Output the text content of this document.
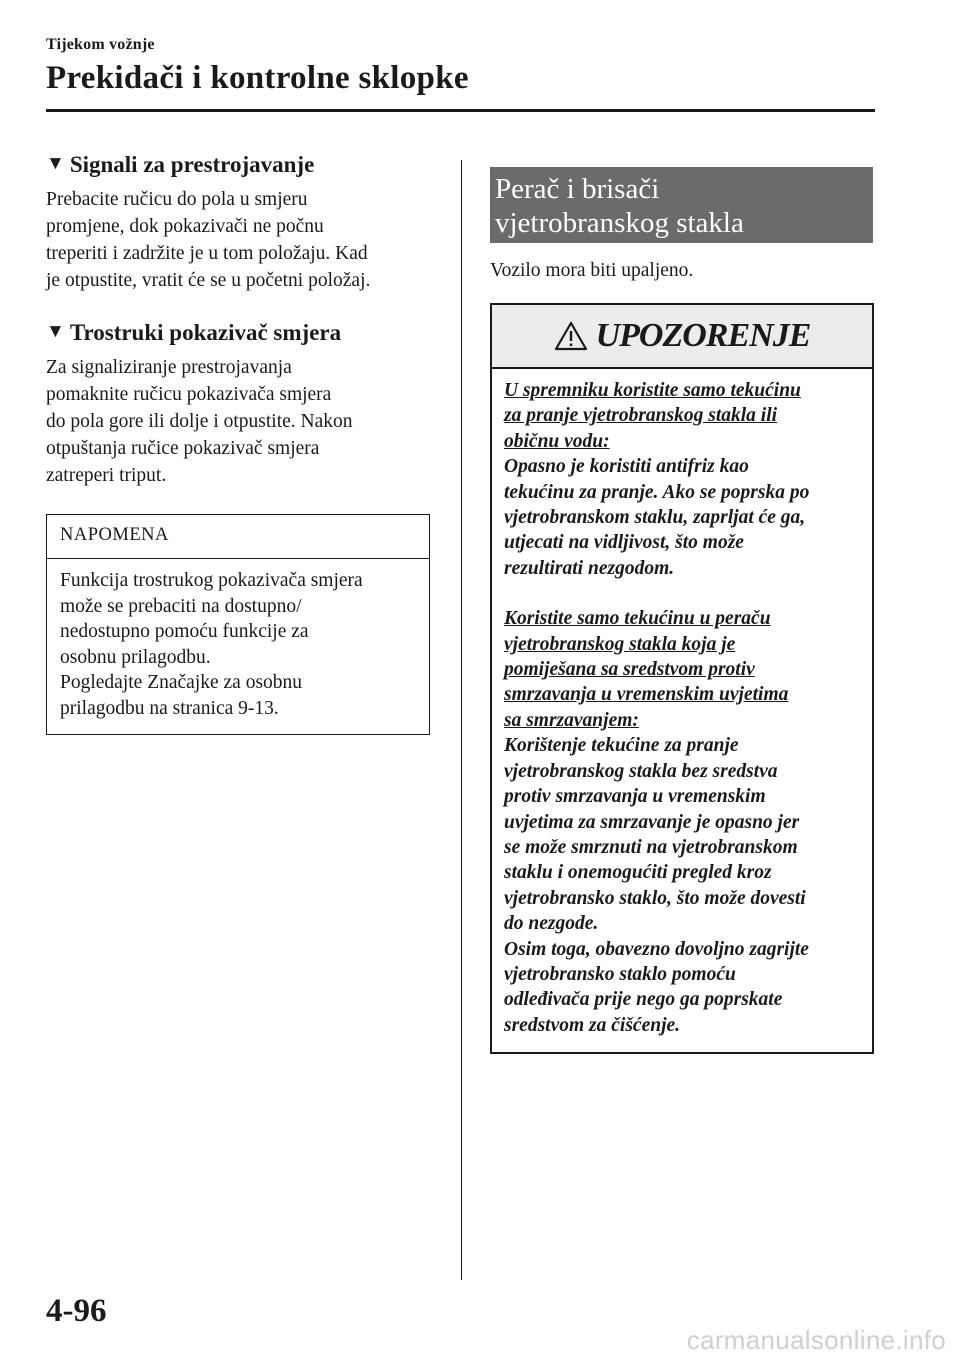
Tijekom vožnje
Prekidači i kontrolne sklopke
▼ Signali za prestrojavanje

Prebacite ručicu do pola u smjeru
promjene, dok pokazivači ne počnu
treperiti i zadržite je u tom položaju. Kad
je otpustite, vratit će se u početni položaj.

▼ Trostruki pokazivač smjera

Za signaliziranje prestrojavanja
pomaknite ručicu pokazivača smjera
do pola gore ili dolje i otpustite. Nakon
otpuštanja ručice pokazivač smjera
zatreperi triput.

NAPOMENA
Funkcija trostrukog pokazivača smjera
može se prebaciti na dostupno/
nedostupno pomoću funkcije za
osobnu prilagodbu.
Pogledajte Značajke za osobnu
prilagodbu na stranica 9-13.
Perač i brisači
vjetrobranskog stakla

Vozilo mora biti upaljeno.

UPOZORENJE

U spremniku koristite samo tekućinu
za pranje vjetrobranskog stakla ili
običnu vodu:

Opasno je koristiti antifriz kao
tekućinu za pranje. Ako se poprska po
vjetrobranskom staklu, zaprljat će ga,
utjecati na vidljivost, što može
rezultirati nezgodom.

Koristite samo tekućinu u peraču
vjetrobranskog stakla koja je
pomiješana sa sredstvom protiv
smrzavanja u vremenskim uvjetima
sa smrzavanjem:

Korištenje tekućine za pranje
vjetrobranskog stakla bez sredstva
protiv smrzavanja u vremenskim
uvjetima za smrzavanje je opasno jer
se može smrznuti na vjetrobranskom
staklu i onemogućiti pregled kroz
vjetrobransko staklo, što može dovesti
do nezgode.
Osim toga, obavezno dovoljno zagrijte
vjetrobransko staklo pomoću
odleđivača prije nego ga poprskate
sredstvom za čišćenje.

4-96
carmanualsonline.info
